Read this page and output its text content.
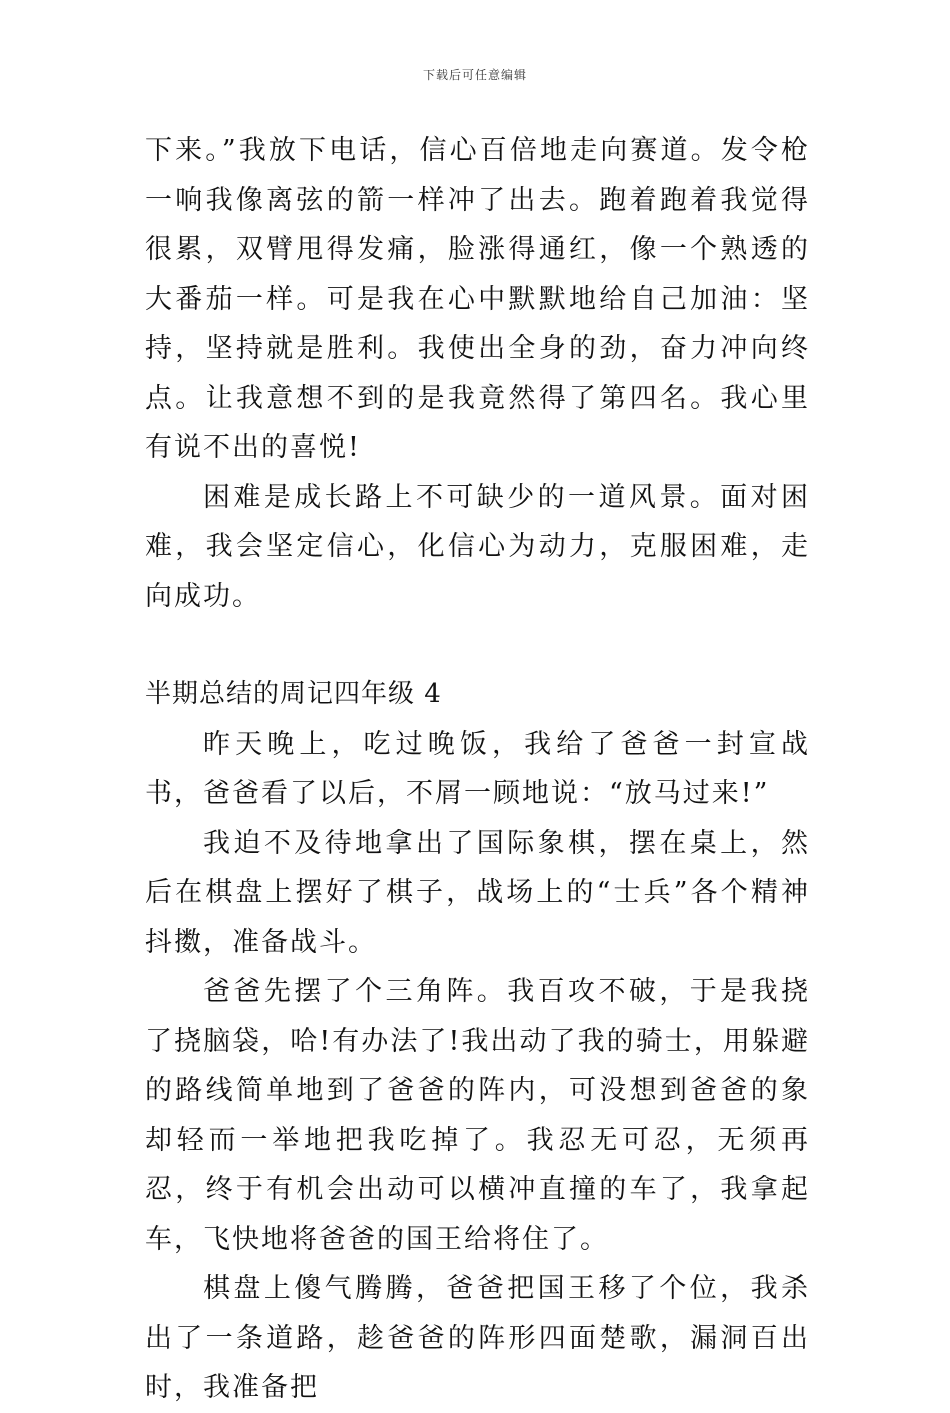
下载后可任意编辑

下来。”我放下电话，信心百倍地走向赛道。发令枪一响我像离弦的箭一样冲了出去。跑着跑着我觉得很累，双臂甩得发痛，脸涨得通红，像一个熟透的大番茄一样。可是我在心中默默地给自己加油：坚持，坚持就是胜利。我使出全身的劲，奋力冲向终点。让我意想不到的是我竟然得了第四名。我心里有说不出的喜悦!

困难是成长路上不可缺少的一道风景。面对困难，我会坚定信心，化信心为动力，克服困难，走向成功。

半期总结的周记四年级 4

昨天晚上，吃过晚饭，我给了爸爸一封宣战书，爸爸看了以后，不屑一顾地说：“放马过来!”

我迫不及待地拿出了国际象棋，摆在桌上，然后在棋盘上摆好了棋子，战场上的“士兵”各个精神抖擞，准备战斗。

爸爸先摆了个三角阵。我百攻不破，于是我挠了挠脑袋，哈!有办法了!我出动了我的骑士，用躲避的路线简单地到了爸爸的阵内，可没想到爸爸的象却轻而一举地把我吃掉了。我忍无可忍，无须再忍，终于有机会出动可以横冲直撞的车了，我拿起车，飞快地将爸爸的国王给将住了。

棋盘上傻气腾腾，爸爸把国王移了个位，我杀出了一条道路，趁爸爸的阵形四面楚歌，漏洞百出时，我准备把
